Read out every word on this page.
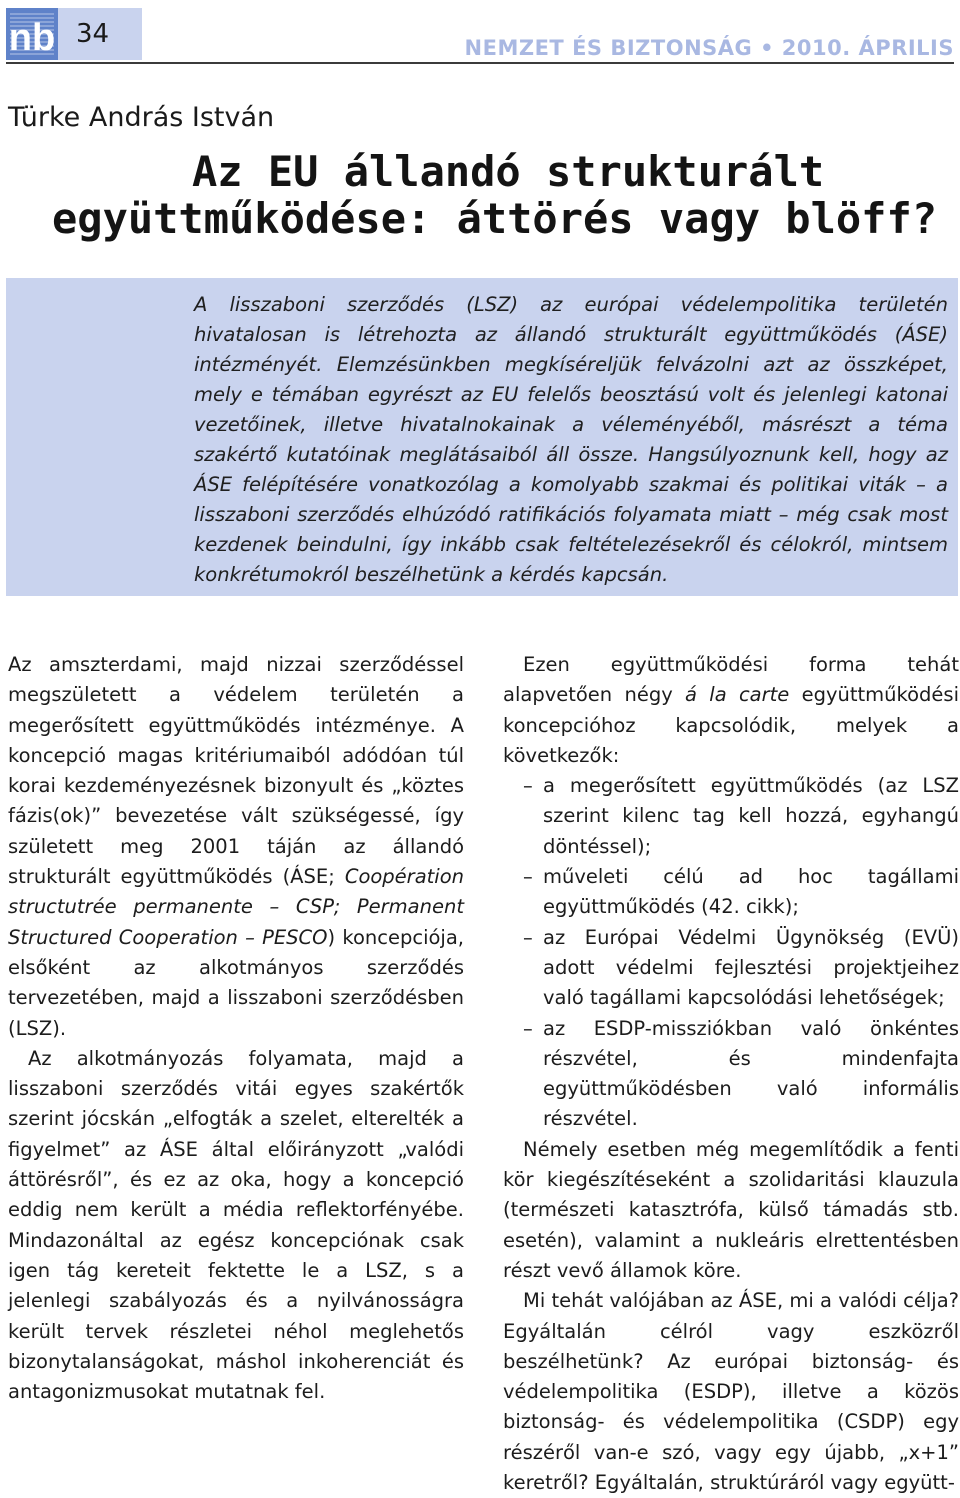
nb 34	NEMZET ÉS BIZTONSÁG • 2010. ÁPRILIS
Türke András István
Az EU állandó strukturált
együttműködése: áttörés vagy blöff?

A lisszaboni szerződés (LSZ) az európai védelempolitika területén hivatalosan is létrehozta az állandó strukturált együttműködés (ÁSE) intézményét. Elemzésünkben megkíséreljük felvázolni azt az összképet, mely e témában egyrészt az EU felelős beosztású volt és jelenlegi katonai vezetőinek, illetve hivatalnokainak a véleményéből, másrészt a téma szakértő kutatóinak meglátásaiból áll össze. Hangsúlyoznunk kell, hogy az ÁSE felépítésére vonatkozólag a komolyabb szakmai és politikai viták – a lisszaboni szerződés elhúzódó ratifikációs folyamata miatt – még csak most kezdenek beindulni, így inkább csak feltételezésekről és célokról, mintsem konkrétumokról beszélhetünk a kérdés kapcsán.

Az amszterdami, majd nizzai szerződéssel megszületett a védelem területén a megerősített együttműködés intézménye. A koncepció magas kritériumaiból adódóan túl korai kezdeményezésnek bizonyult és „köztes fázis(ok)” bevezetése vált szükségessé, így született meg 2001 táján az állandó strukturált együttműködés (ÁSE; Coopération structutrée permanente – CSP; Permanent Structured Cooperation – PESCO) koncepciója, elsőként az alkotmányos szerződés tervezetében, majd a lisszaboni szerződésben (LSZ).

Az alkotmányozás folyamata, majd a lisszaboni szerződés vitái egyes szakértők szerint jócskán „elfogták a szelet, elterelték a figyelmet” az ÁSE által előirányzott „valódi áttörésről”, és ez az oka, hogy a koncepció eddig nem került a média reflektorfényébe. Mindazonáltal az egész koncepciónak csak igen tág kereteit fektette le a LSZ, s a jelenlegi szabályozás és a nyilvánosságra került tervek részletei néhol meglehetős bizonytalanságokat, máshol inkoherenciát és antagonizmusokat mutatnak fel.

Ezen együttműködési forma tehát alapvetően négy á la carte együttműködési koncepcióhoz kapcsolódik, melyek a következők:

– a megerősített együttműködés (az LSZ szerint kilenc tag kell hozzá, egyhangú döntéssel);
– műveleti célú ad hoc tagállami együttműködés (42. cikk);
– az Európai Védelmi Ügynökség (EVÜ) adott védelmi fejlesztési projektjeihez való tagállami kapcsolódási lehetőségek;
– az ESDP-missziókban való önkéntes részvétel, és mindenfajta együttműködésben való informális részvétel.

Némely esetben még megemlítődik a fenti kör kiegészítéseként a szolidaritási klauzula (természeti katasztrófa, külső támadás stb. esetén), valamint a nukleáris elrettentésben részt vevő államok köre.

Mi tehát valójában az ÁSE, mi a valódi célja? Egyáltalán célról vagy eszközről beszélhetünk? Az európai biztonság- és védelempolitika (ESDP), illetve a közös biztonság- és védelempolitika (CSDP) egy részéről van-e szó, vagy egy újabb, „x+1” keretről? Egyáltalán, struktúráról vagy együtt-
